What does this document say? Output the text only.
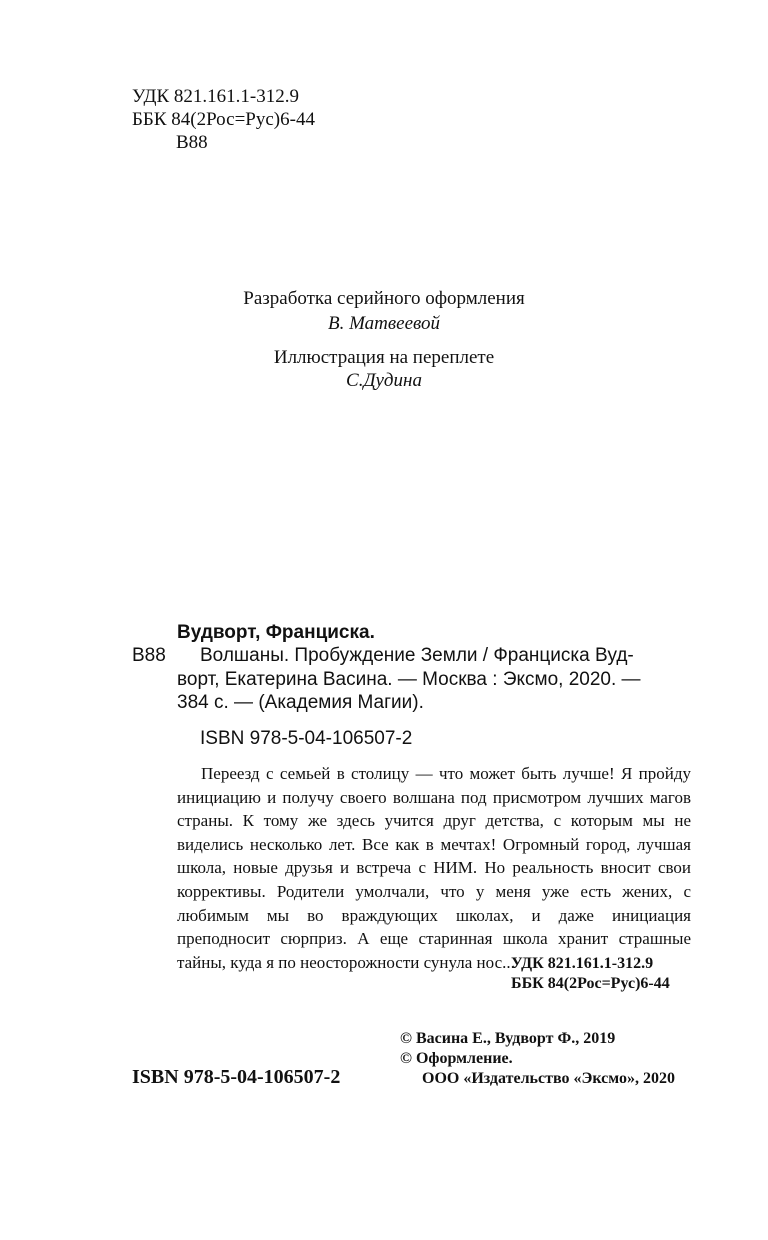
УДК 821.161.1-312.9
ББК 84(2Рос=Рус)6-44
В88
Разработка серийного оформления
В. Матвеевой
Иллюстрация на переплете
С.Дудина
Вудворт, Франциска.
В88 Волшаны. Пробуждение Земли / Франциска Вуд-
ворт, Екатерина Васина. — Москва : Эксмо, 2020. —
384 с. — (Академия Магии).
ISBN 978-5-04-106507-2

Переезд с семьей в столицу — что может быть лучше! Я пройду инициацию и получу своего волшана под присмотром лучших магов страны. К тому же здесь учится друг детства, с которым мы не виделись несколько лет. Все как в мечтах! Огромный город, лучшая школа, новые друзья и встреча с НИМ. Но реальность вносит свои коррективы. Родители умолчали, что у меня уже есть жених, с любимым мы во враждующих школах, и даже инициация преподносит сюрприз. А еще старинная школа хранит страшные тайны, куда я по неосторожности сунула нос...

УДК 821.161.1-312.9
ББК 84(2Рос=Рус)6-44
© Васина Е., Вудворт Ф., 2019
© Оформление.
ООО «Издательство «Эксмо», 2020
ISBN 978-5-04-106507-2
